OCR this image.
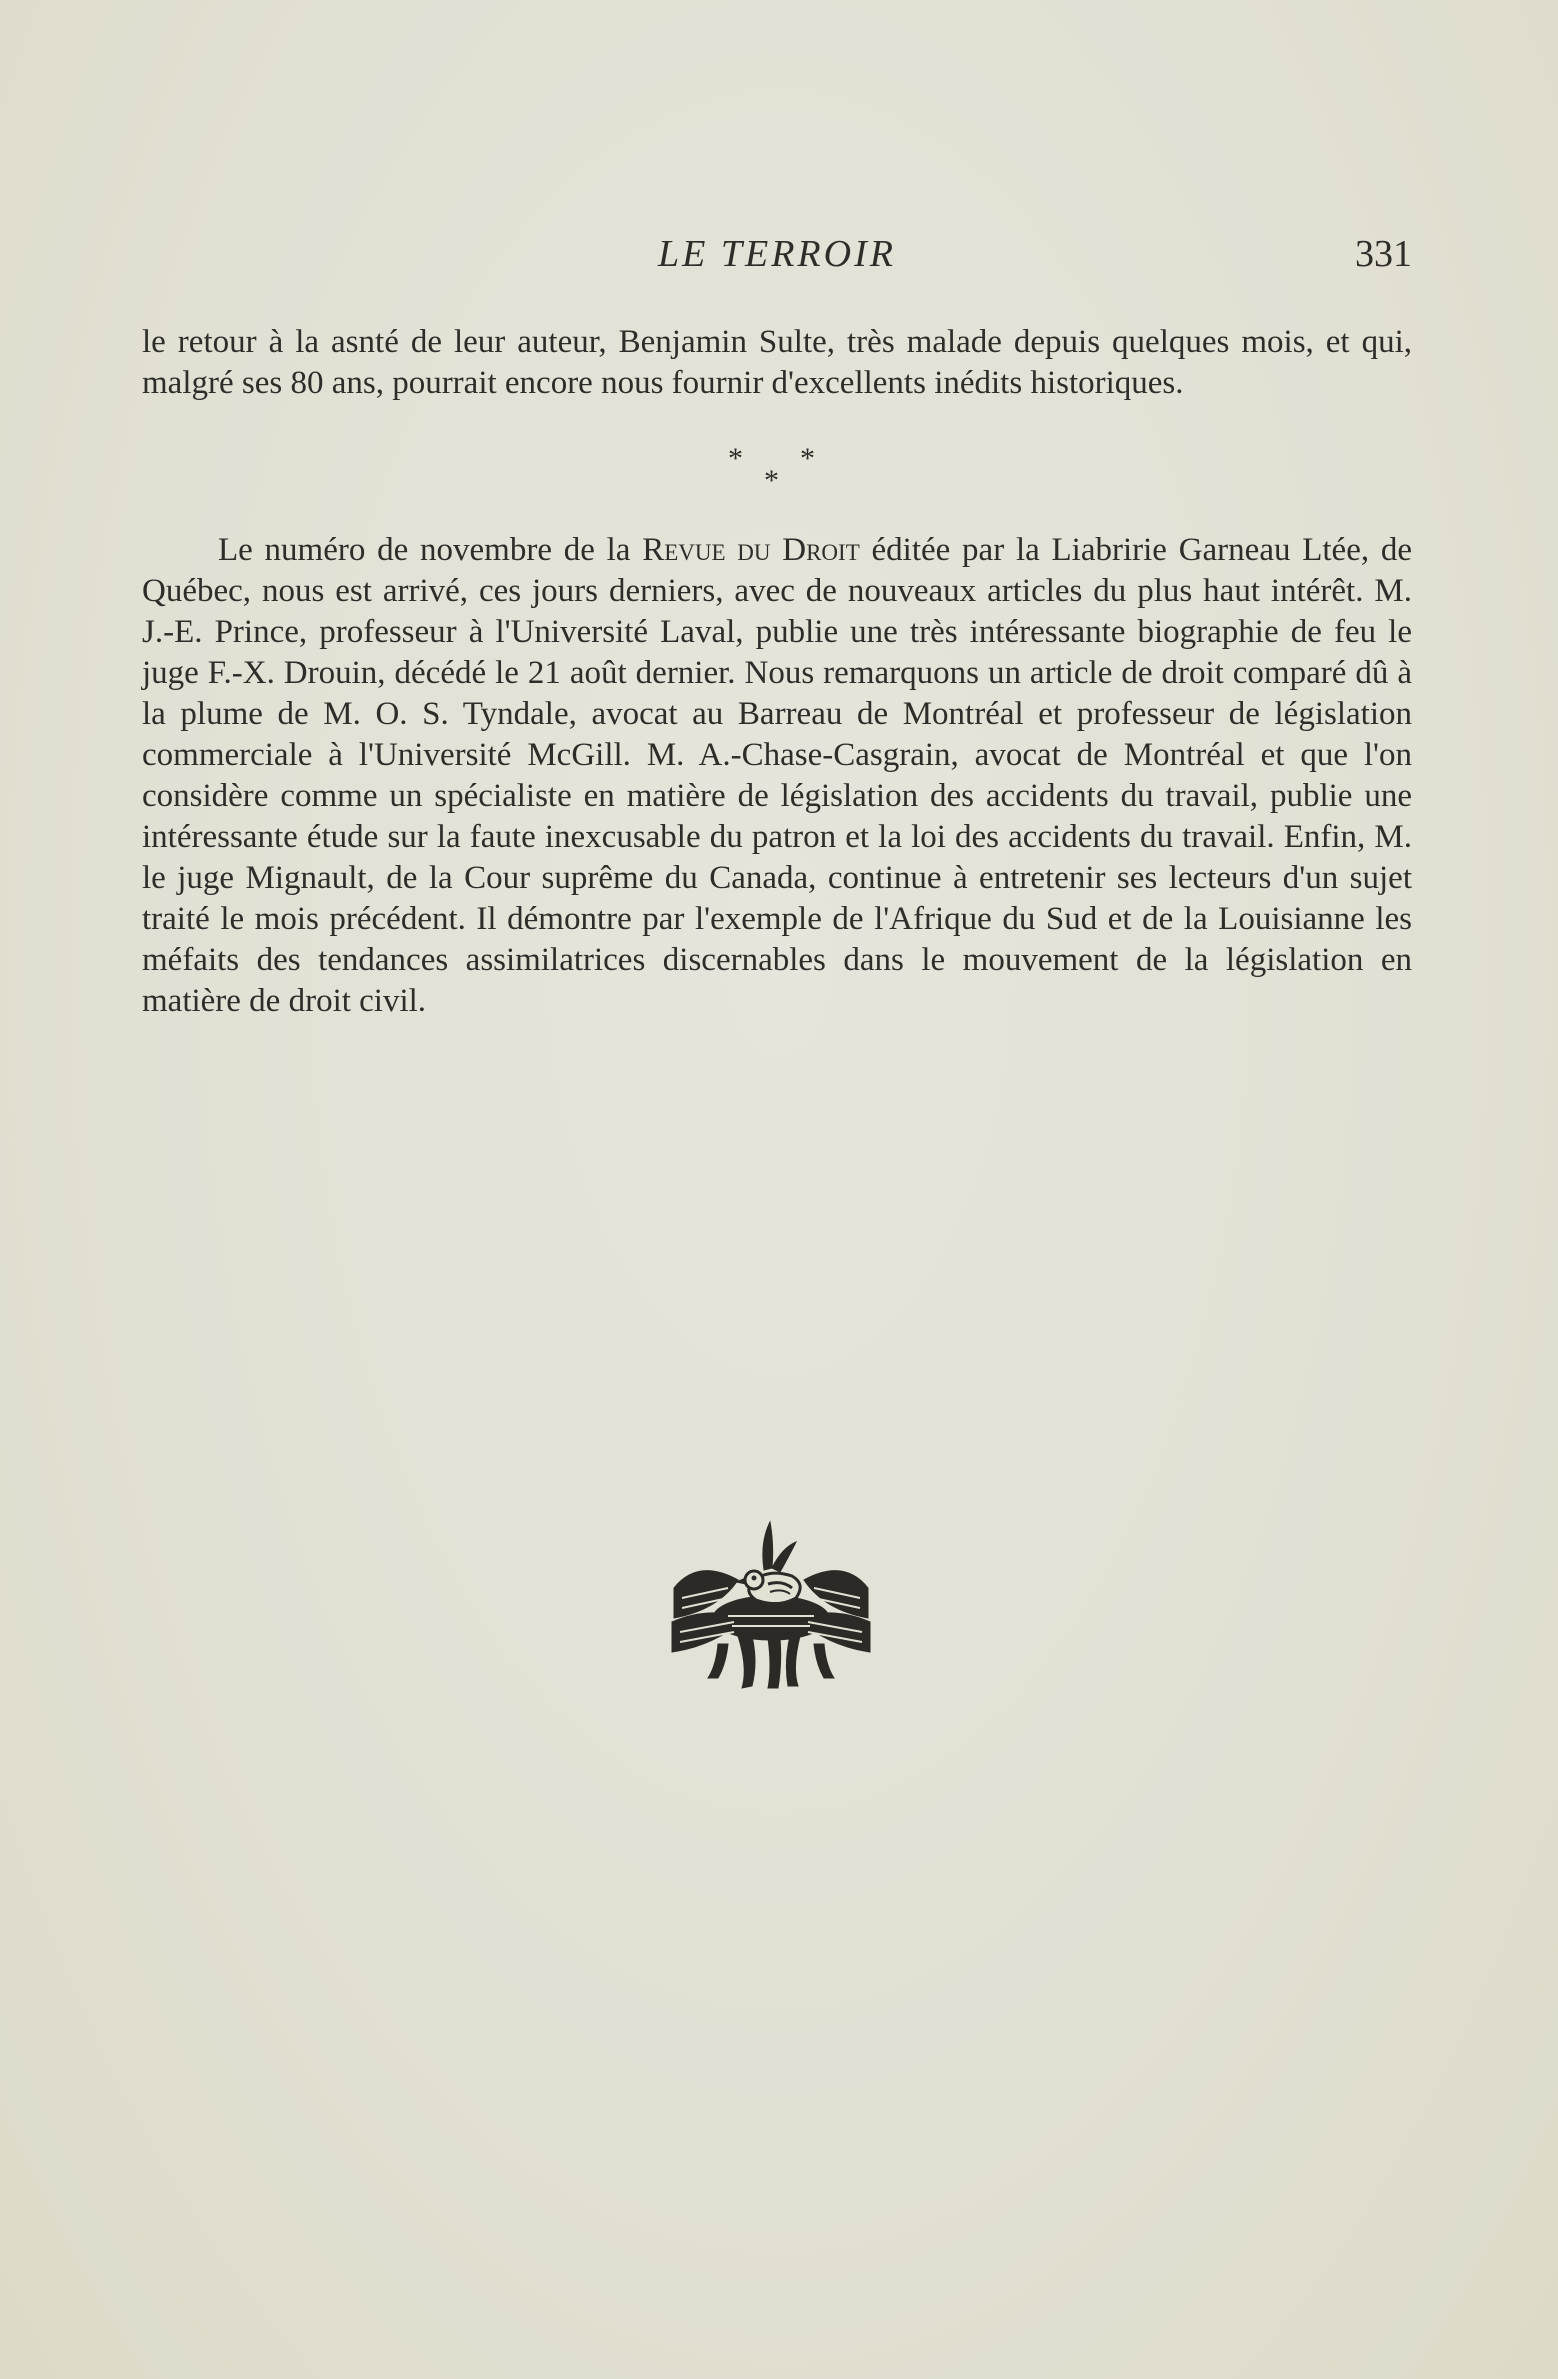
LE TERROIR	331

le retour à la asnté de leur auteur, Benjamin Sulte, très malade depuis quelques mois, et qui, malgré ses 80 ans, pourrait encore nous fournir d'excellents inédits historiques.

* *
*

Le numéro de novembre de la Revue du Droit éditée par la Liabririe Garneau Ltée, de Québec, nous est arrivé, ces jours derniers, avec de nouveaux articles du plus haut intérêt. M. J.-E. Prince, professeur à l'Université Laval, publie une très intéressante biographie de feu le juge F.-X. Drouin, décédé le 21 août dernier. Nous remarquons un article de droit comparé dû à la plume de M. O. S. Tyndale, avocat au Barreau de Montréal et professeur de législation commerciale à l'Université McGill. M. A.-Chase-Casgrain, avocat de Montréal et que l'on considère comme un spécialiste en matière de législation des accidents du travail, publie une intéressante étude sur la faute inexcusable du patron et la loi des accidents du travail. Enfin, M. le juge Mignault, de la Cour suprême du Canada, continue à entretenir ses lecteurs d'un sujet traité le mois précédent. Il démontre par l'exemple de l'Afrique du Sud et de la Louisianne les méfaits des tendances assimilatrices discernables dans le mouvement de la législation en matière de droit civil.
